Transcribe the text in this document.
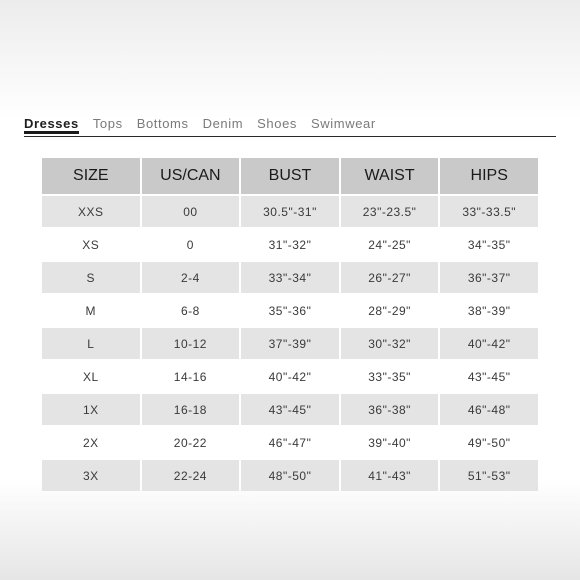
Dresses Tops Bottoms Denim Shoes Swimwear
SIZE	US/CAN	BUST	WAIST	HIPS
XXS	00	30.5"-31"	23"-23.5"	33"-33.5"
XS	0	31"-32"	24"-25"	34"-35"
S	2-4	33"-34"	26"-27"	36"-37"
M	6-8	35"-36"	28"-29"	38"-39"
L	10-12	37"-39"	30"-32"	40"-42"
XL	14-16	40"-42"	33"-35"	43"-45"
1X	16-18	43"-45"	36"-38"	46"-48"
2X	20-22	46"-47"	39"-40"	49"-50"
3X	22-24	48"-50"	41"-43"	51"-53"
